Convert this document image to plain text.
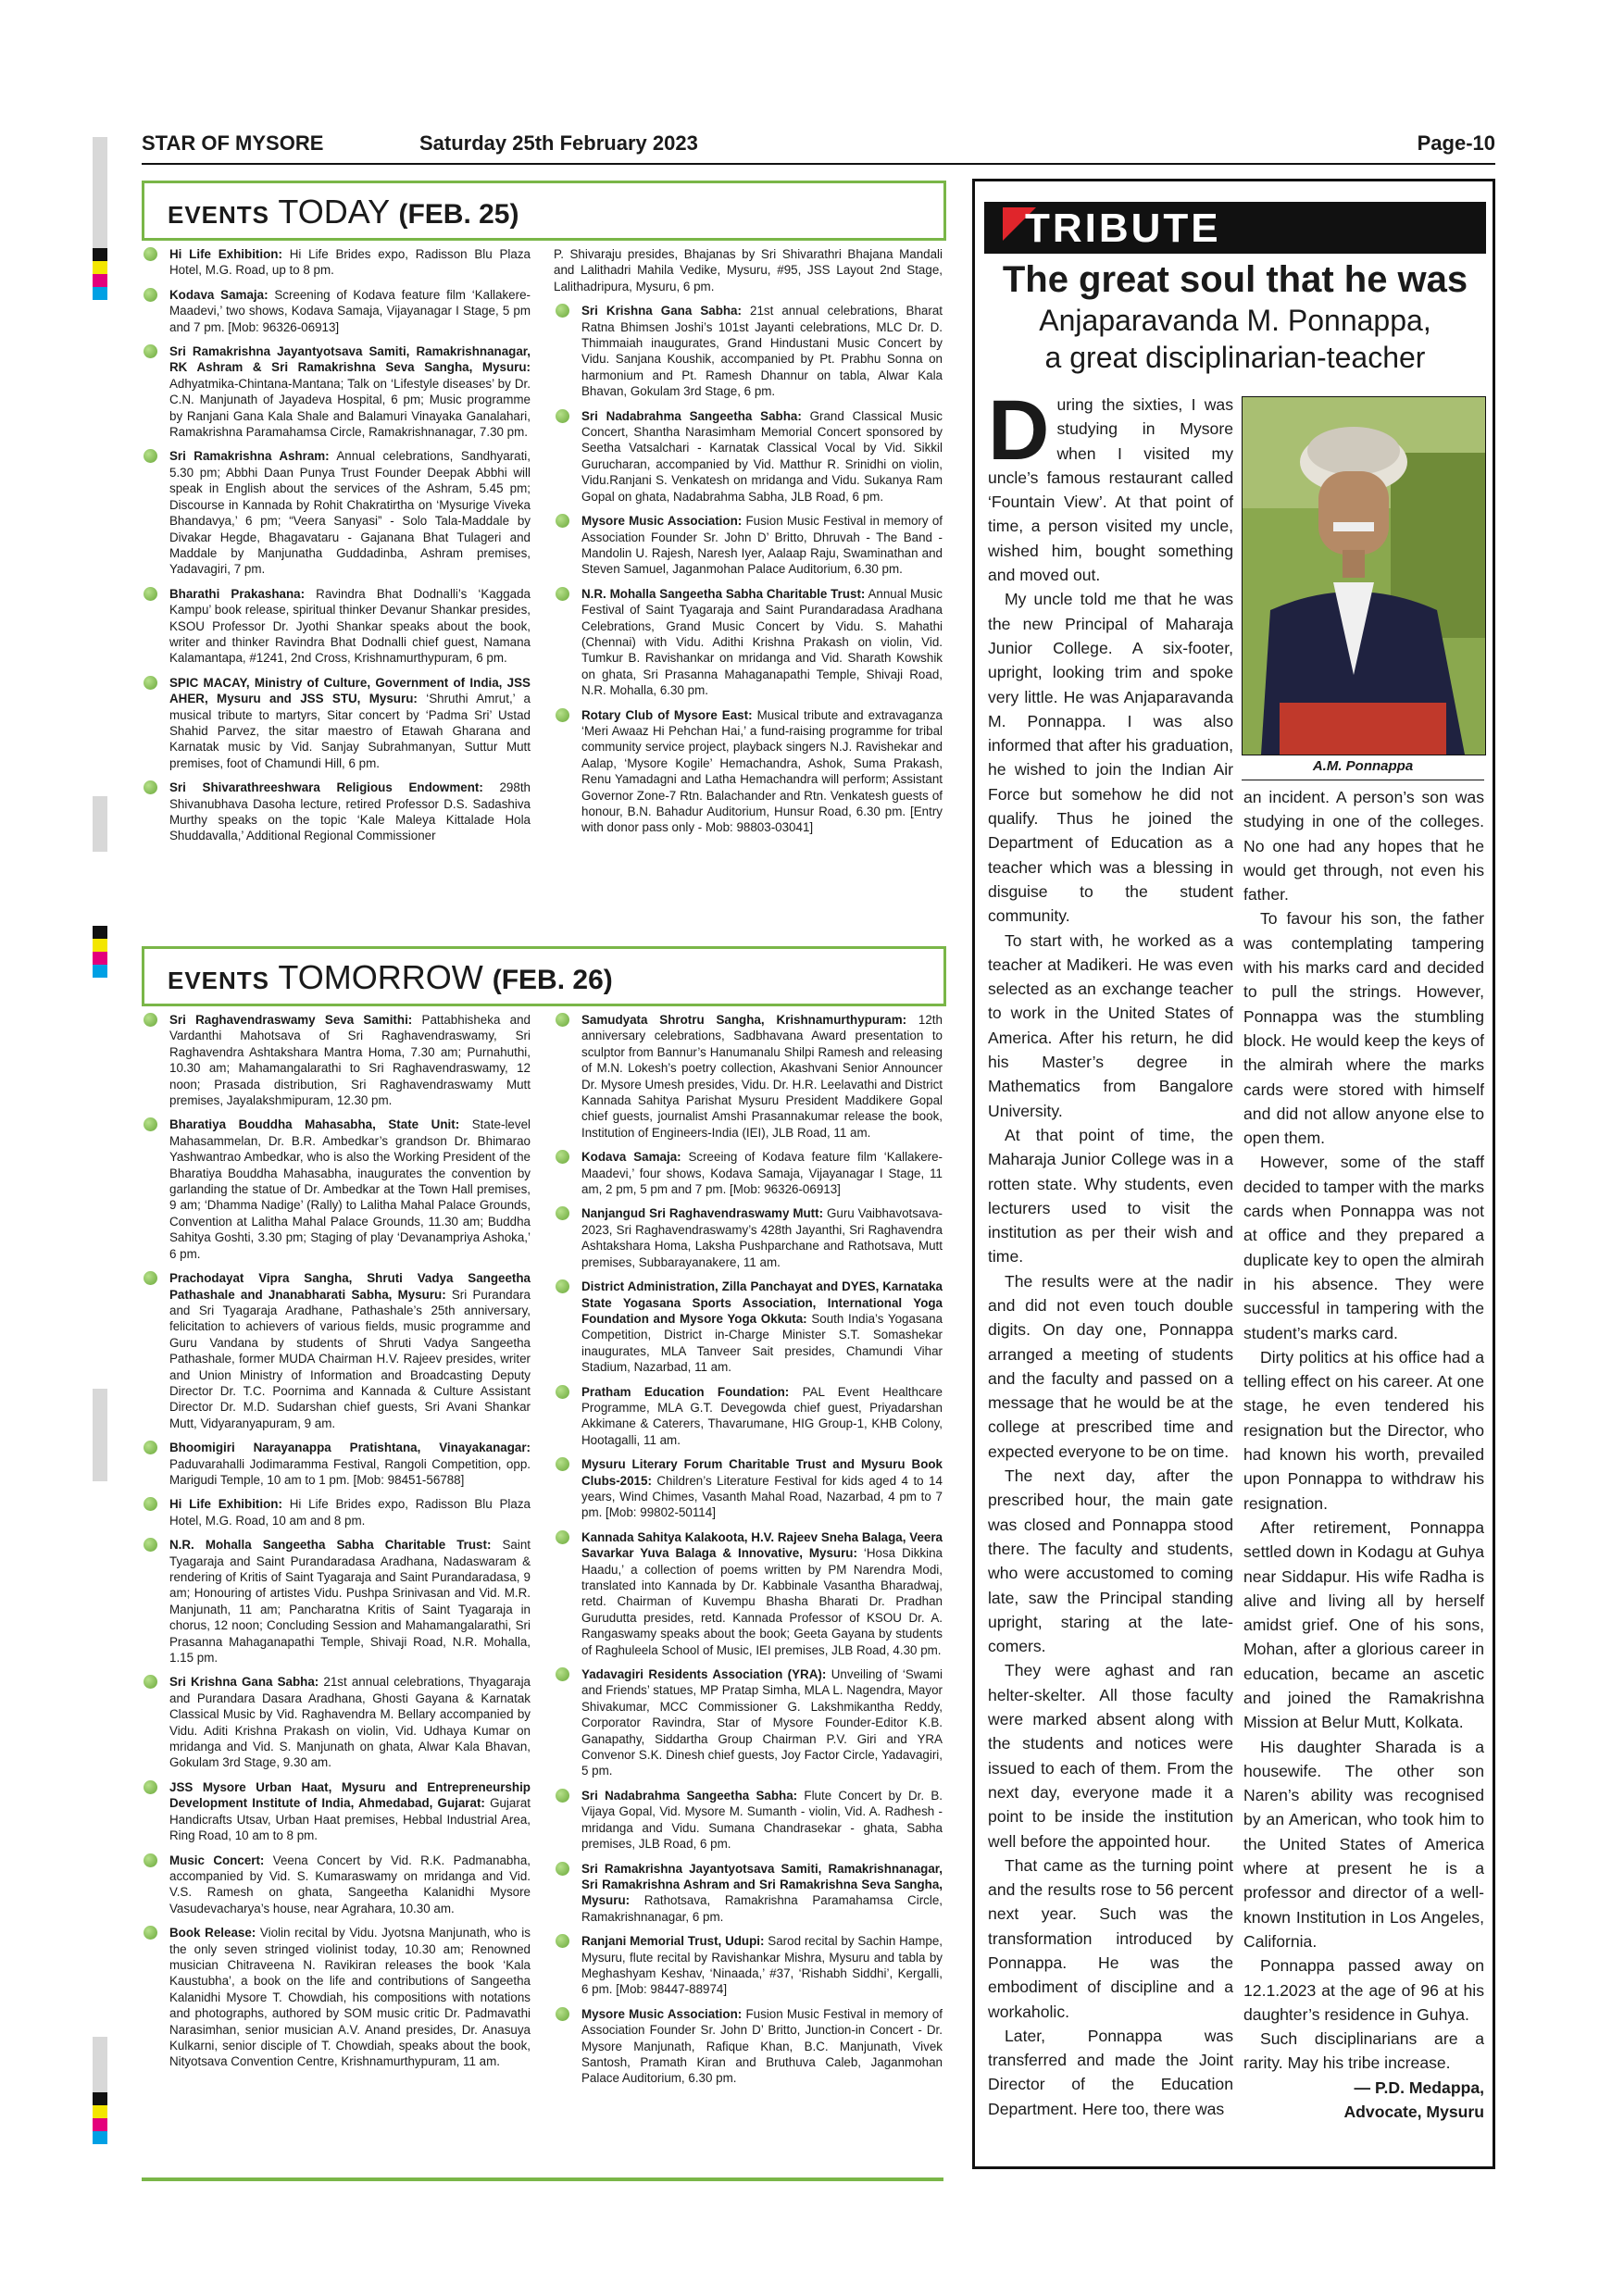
STAR OF MYSORE	Saturday 25th February 2023	Page-10
EVENTS TODAY (FEB. 25)
Hi Life Exhibition: Hi Life Brides expo, Radisson Blu Plaza Hotel, M.G. Road, up to 8 pm.
Kodava Samaja: Screening of Kodava feature film ‘Kallakere-Maadevi,’ two shows, Kodava Samaja, Vijayanagar I Stage, 5 pm and 7 pm. [Mob: 96326-06913]
Sri Ramakrishna Jayantyotsava Samiti, Ramakrishnanagar, RK Ashram & Sri Ramakrishna Seva Sangha, Mysuru: Adhyatmika-Chintana-Mantana; Talk on ‘Lifestyle diseases’ by Dr. C.N. Manjunath of Jayadeva Hospital, 6 pm; Music programme by Ranjani Gana Kala Shale and Balamuri Vinayaka Ganalahari, Ramakrishna Paramahamsa Circle, Ramakrishnanagar, 7.30 pm.
Sri Ramakrishna Ashram: Annual celebrations, Sandhyarati, 5.30 pm; Abbhi Daan Punya Trust Founder Deepak Abbhi will speak in English about the services of the Ashram, 5.45 pm; Discourse in Kannada by Rohit Chakratirtha on ‘Mysurige Viveka Bhandavya,’ 6 pm; “Veera Sanyasi” - Solo Tala-Maddale by Divakar Hegde, Bhagavataru - Gajanana Bhat Tulageri and Maddale by Manjunatha Guddadinba, Ashram premises, Yadavagiri, 7 pm.
Bharathi Prakashana: Ravindra Bhat Dodnalli’s ‘Kaggada Kampu’ book release, spiritual thinker Devanur Shankar presides, KSOU Professor Dr. Jyothi Shankar speaks about the book, writer and thinker Ravindra Bhat Dodnalli chief guest, Namana Kalamantapa, #1241, 2nd Cross, Krishnamurthypuram, 6 pm.
SPIC MACAY, Ministry of Culture, Government of India, JSS AHER, Mysuru and JSS STU, Mysuru: ‘Shruthi Amrut,’ a musical tribute to martyrs, Sitar concert by ‘Padma Sri’ Ustad Shahid Parvez, the sitar maestro of Etawah Gharana and Karnatak music by Vid. Sanjay Subrahmanyan, Suttur Mutt premises, foot of Chamundi Hill, 6 pm.
Sri Shivarathreeshwara Religious Endowment: 298th Shivanubhava Dasoha lecture, retired Professor D.S. Sadashiva Murthy speaks on the topic ‘Kale Maleya Kittalade Hola Shuddavalla,’ Additional Regional Commissioner
P. Shivaraju presides, Bhajanas by Sri Shivarathri Bhajana Mandali and Lalithadri Mahila Vedike, Mysuru, #95, JSS Layout 2nd Stage, Lalithadripura, Mysuru, 6 pm.
Sri Krishna Gana Sabha: 21st annual celebrations, Bharat Ratna Bhimsen Joshi’s 101st Jayanti celebrations, MLC Dr. D. Thimmaiah inaugurates, Grand Hindustani Music Concert by Vidu. Sanjana Koushik, accompanied by Pt. Prabhu Sonna on harmonium and Pt. Ramesh Dhannur on tabla, Alwar Kala Bhavan, Gokulam 3rd Stage, 6 pm.
Sri Nadabrahma Sangeetha Sabha: Grand Classical Music Concert, Shantha Narasimham Memorial Concert sponsored by Seetha Vatsalchari - Karnatak Classical Vocal by Vid. Sikkil Gurucharan, accompanied by Vid. Matthur R. Srinidhi on violin, Vidu.Ranjani S. Venkatesh on mridanga and Vidu. Sukanya Ram Gopal on ghata, Nadabrahma Sabha, JLB Road, 6 pm.
Mysore Music Association: Fusion Music Festival in memory of Association Founder Sr. John D’ Britto, Dhruvah - The Band - Mandolin U. Rajesh, Naresh Iyer, Aalaap Raju, Swaminathan and Steven Samuel, Jaganmohan Palace Auditorium, 6.30 pm.
N.R. Mohalla Sangeetha Sabha Charitable Trust: Annual Music Festival of Saint Tyagaraja and Saint Purandaradasa Aradhana Celebrations, Grand Music Concert by Vidu. S. Mahathi (Chennai) with Vidu. Adithi Krishna Prakash on violin, Vid. Tumkur B. Ravishankar on mridanga and Vid. Sharath Kowshik on ghata, Sri Prasanna Mahaganapathi Temple, Shivaji Road, N.R. Mohalla, 6.30 pm.
Rotary Club of Mysore East: Musical tribute and extravaganza ‘Meri Awaaz Hi Pehchan Hai,’ a fund-raising programme for tribal community service project, playback singers N.J. Ravishekar and Aalap, ‘Mysore Kogile’ Hemachandra, Ashok, Suma Prakash, Renu Yamadagni and Latha Hemachandra will perform; Assistant Governor Zone-7 Rtn. Balachander and Rtn. Venkatesh guests of honour, B.N. Bahadur Auditorium, Hunsur Road, 6.30 pm. [Entry with donor pass only - Mob: 98803-03041]
EVENTS TOMORROW (FEB. 26)
Sri Raghavendraswamy Seva Samithi: Pattabhisheka and Vardanthi Mahotsava of Sri Raghavendraswamy, Sri Raghavendra Ashtakshara Mantra Homa, 7.30 am; Purnahuthi, 10.30 am; Mahamangalarathi to Sri Raghavendraswamy, 12 noon; Prasada distribution, Sri Raghavendraswamy Mutt premises, Jayalakshmipuram, 12.30 pm.
Bharatiya Bouddha Mahasabha, State Unit: State-level Mahasammelan, Dr. B.R. Ambedkar’s grandson Dr. Bhimarao Yashwantrao Ambedkar, who is also the Working President of the Bharatiya Bouddha Mahasabha, inaugurates the convention by garlanding the statue of Dr. Ambedkar at the Town Hall premises, 9 am; ‘Dhamma Nadige’ (Rally) to Lalitha Mahal Palace Grounds, Convention at Lalitha Mahal Palace Grounds, 11.30 am; Buddha Sahitya Goshti, 3.30 pm; Staging of play ‘Devanampriya Ashoka,’ 6 pm.
Prachodayat Vipra Sangha, Shruti Vadya Sangeetha Pathashale and Jnanabharati Sabha, Mysuru: Sri Purandara and Sri Tyagaraja Aradhane, Pathashale’s 25th anniversary, felicitation to achievers of various fields, music programme and Guru Vandana by students of Shruti Vadya Sangeetha Pathashale, former MUDA Chairman H.V. Rajeev presides, writer and Union Ministry of Information and Broadcasting Deputy Director Dr. T.C. Poornima and Kannada & Culture Assistant Director Dr. M.D. Sudarshan chief guests, Sri Avani Shankar Mutt, Vidyaranyapuram, 9 am.
Bhoomigiri Narayanappa Pratishtana, Vinayakanagar: Paduvarahalli Jodimaramma Festival, Rangoli Competition, opp. Marigudi Temple, 10 am to 1 pm. [Mob: 98451-56788]
Hi Life Exhibition: Hi Life Brides expo, Radisson Blu Plaza Hotel, M.G. Road, 10 am and 8 pm.
N.R. Mohalla Sangeetha Sabha Charitable Trust: Saint Tyagaraja and Saint Purandaradasa Aradhana, Nadaswaram & rendering of Kritis of Saint Tyagaraja and Saint Purandaradasa, 9 am; Honouring of artistes Vidu. Pushpa Srinivasan and Vid. M.R. Manjunath, 11 am; Pancharatna Kritis of Saint Tyagaraja in chorus, 12 noon; Concluding Session and Mahamangalarathi, Sri Prasanna Mahaganapathi Temple, Shivaji Road, N.R. Mohalla, 1.15 pm.
Sri Krishna Gana Sabha: 21st annual celebrations, Thyagaraja and Purandara Dasara Aradhana, Ghosti Gayana & Karnatak Classical Music by Vid. Raghavendra M. Bellary accompanied by Vidu. Aditi Krishna Prakash on violin, Vid. Udhaya Kumar on mridanga and Vid. S. Manjunath on ghata, Alwar Kala Bhavan, Gokulam 3rd Stage, 9.30 am.
JSS Mysore Urban Haat, Mysuru and Entrepreneurship Development Institute of India, Ahmedabad, Gujarat: Gujarat Handicrafts Utsav, Urban Haat premises, Hebbal Industrial Area, Ring Road, 10 am to 8 pm.
Music Concert: Veena Concert by Vid. R.K. Padmanabha, accompanied by Vid. S. Kumaraswamy on mridanga and Vid. V.S. Ramesh on ghata, Sangeetha Kalanidhi Mysore Vasudevacharya’s house, near Agrahara, 10.30 am.
Book Release: Violin recital by Vidu. Jyotsna Manjunath, who is the only seven stringed violinist today, 10.30 am; Renowned musician Chitraveena N. Ravikiran releases the book ‘Kala Kaustubha’, a book on the life and contributions of Sangeetha Kalanidhi Mysore T. Chowdiah, his compositions with notations and photographs, authored by SOM music critic Dr. Padmavathi Narasimhan, senior musician A.V. Anand presides, Dr. Anasuya Kulkarni, senior disciple of T. Chowdiah, speaks about the book, Nityotsava Convention Centre, Krishnamurthypuram, 11 am.
Samudyata Shrotru Sangha, Krishnamurthypuram: 12th anniversary celebrations, Sadbhavana Award presentation to sculptor from Bannur’s Hanumanalu Shilpi Ramesh and releasing of M.N. Lokesh’s poetry collection, Akashvani Senior Announcer Dr. Mysore Umesh presides, Vidu. Dr. H.R. Leelavathi and District Kannada Sahitya Parishat Mysuru President Maddikere Gopal chief guests, journalist Amshi Prasannakumar release the book, Institution of Engineers-India (IEI), JLB Road, 11 am.
Kodava Samaja: Screeing of Kodava feature film ‘Kallakere-Maadevi,’ four shows, Kodava Samaja, Vijayanagar I Stage, 11 am, 2 pm, 5 pm and 7 pm. [Mob: 96326-06913]
Nanjangud Sri Raghavendraswamy Mutt: Guru Vaibhavotsava-2023, Sri Raghavendraswamy’s 428th Jayanthi, Sri Raghavendra Ashtakshara Homa, Laksha Pushparchane and Rathotsava, Mutt premises, Subbarayanakere, 11 am.
District Administration, Zilla Panchayat and DYES, Karnataka State Yogasana Sports Association, International Yoga Foundation and Mysore Yoga Okkuta: South India’s Yogasana Competition, District in-Charge Minister S.T. Somashekar inaugurates, MLA Tanveer Sait presides, Chamundi Vihar Stadium, Nazarbad, 11 am.
Pratham Education Foundation: PAL Event Healthcare Programme, MLA G.T. Devegowda chief guest, Priyadarshan Akkimane & Caterers, Thavarumane, HIG Group-1, KHB Colony, Hootagalli, 11 am.
Mysuru Literary Forum Charitable Trust and Mysuru Book Clubs-2015: Children’s Literature Festival for kids aged 4 to 14 years, Wind Chimes, Vasanth Mahal Road, Nazarbad, 4 pm to 7 pm. [Mob: 99802-50114]
Kannada Sahitya Kalakoota, H.V. Rajeev Sneha Balaga, Veera Savarkar Yuva Balaga & Innovative, Mysuru: ‘Hosa Dikkina Haadu,’ a collection of poems written by PM Narendra Modi, translated into Kannada by Dr. Kabbinale Vasantha Bharadwaj, retd. Chairman of Kuvempu Bhasha Bharati Dr. Pradhan Gurudutta presides, retd. Kannada Professor of KSOU Dr. A. Rangaswamy speaks about the book; Geeta Gayana by students of Raghuleela School of Music, IEI premises, JLB Road, 4.30 pm.
Yadavagiri Residents Association (YRA): Unveiling of ‘Swami and Friends’ statues, MP Pratap Simha, MLA L. Nagendra, Mayor Shivakumar, MCC Commissioner G. Lakshmikantha Reddy, Corporator Ravindra, Star of Mysore Founder-Editor K.B. Ganapathy, Siddartha Group Chairman P.V. Giri and YRA Convenor S.K. Dinesh chief guests, Joy Factor Circle, Yadavagiri, 5 pm.
Sri Nadabrahma Sangeetha Sabha: Flute Concert by Dr. B. Vijaya Gopal, Vid. Mysore M. Sumanth - violin, Vid. A. Radhesh - mridanga and Vidu. Sumana Chandrasekar - ghata, Sabha premises, JLB Road, 6 pm.
Sri Ramakrishna Jayantyotsava Samiti, Ramakrishnanagar, Sri Ramakrishna Ashram and Sri Ramakrishna Seva Sangha, Mysuru: Rathotsava, Ramakrishna Paramahamsa Circle, Ramakrishnanagar, 6 pm.
Ranjani Memorial Trust, Udupi: Sarod recital by Sachin Hampe, Mysuru, flute recital by Ravishankar Mishra, Mysuru and tabla by Meghashyam Keshav, ‘Ninaada,’ #37, ‘Rishabh Siddhi’, Kergalli, 6 pm. [Mob: 98447-88974]
Mysore Music Association: Fusion Music Festival in memory of Association Founder Sr. John D’ Britto, Junction-in Concert - Dr. Mysore Manjunath, Rafique Khan, B.C. Manjunath, Vivek Santosh, Pramath Kiran and Bruthuva Caleb, Jaganmohan Palace Auditorium, 6.30 pm.
TRIBUTE
The great soul that he was
Anjaparavanda M. Ponnappa,
a great disciplinarian-teacher
A.M. Ponnappa

During the sixties, I was studying in Mysore when I visited my uncle’s famous restaurant called ‘Fountain View’. At that point of time, a person visited my uncle, wished him, bought something and moved out.

My uncle told me that he was the new Principal of Maharaja Junior College. A six-footer, upright, looking trim and spoke very little. He was Anjaparavanda M. Ponnappa. I was also informed that after his graduation, he wished to join the Indian Air Force but somehow he did not qualify. Thus he joined the Department of Education as a teacher which was a blessing in disguise to the student community.

To start with, he worked as a teacher at Madikeri. He was even selected as an exchange teacher to work in the United States of America. After his return, he did his Master’s degree in Mathematics from Bangalore University.

At that point of time, the Maharaja Junior College was in a rotten state. Why students, even lecturers used to visit the institution as per their wish and time.

The results were at the nadir and did not even touch double digits. On day one, Ponnappa arranged a meeting of students and the faculty and passed on a message that he would be at the college at prescribed time and expected everyone to be on time.

The next day, after the prescribed hour, the main gate was closed and Ponnappa stood there. The faculty and students, who were accustomed to coming late, saw the Principal standing upright, staring at the late-comers.

They were aghast and ran helter-skelter. All those faculty were marked absent along with the students and notices were issued to each of them. From the next day, everyone made it a point to be inside the institution well before the appointed hour.

That came as the turning point and the results rose to 56 percent next year. Such was the transformation introduced by Ponnappa. He was the embodiment of discipline and a workaholic.

Later, Ponnappa was transferred and made the Joint Director of the Education Department. Here too, there was

an incident. A person’s son was studying in one of the colleges. No one had any hopes that he would get through, not even his father.

To favour his son, the father was contemplating tampering with his marks card and decided to pull the strings. However, Ponnappa was the stumbling block. He would keep the keys of the almirah where the marks cards were stored with himself and did not allow anyone else to open them.

However, some of the staff decided to tamper with the marks cards when Ponnappa was not at office and they prepared a duplicate key to open the almirah in his absence. They were successful in tampering with the student’s marks card.

Dirty politics at his office had a telling effect on his career. At one stage, he even tendered his resignation but the Director, who had known his worth, prevailed upon Ponnappa to withdraw his resignation.

After retirement, Ponnappa settled down in Kodagu at Guhya near Siddapur. His wife Radha is alive and living all by herself amidst grief. One of his sons, Mohan, after a glorious career in education, became an ascetic and joined the Ramakrishna Mission at Belur Mutt, Kolkata.

His daughter Sharada is a housewife. The other son Naren’s ability was recognised by an American, who took him to the United States of America where at present he is a professor and director of a well-known Institution in Los Angeles, California.

Ponnappa passed away on 12.1.2023 at the age of 96 at his daughter’s residence in Guhya.

Such disciplinarians are a rarity. May his tribe increase.

— P.D. Medappa,

Advocate, Mysuru
